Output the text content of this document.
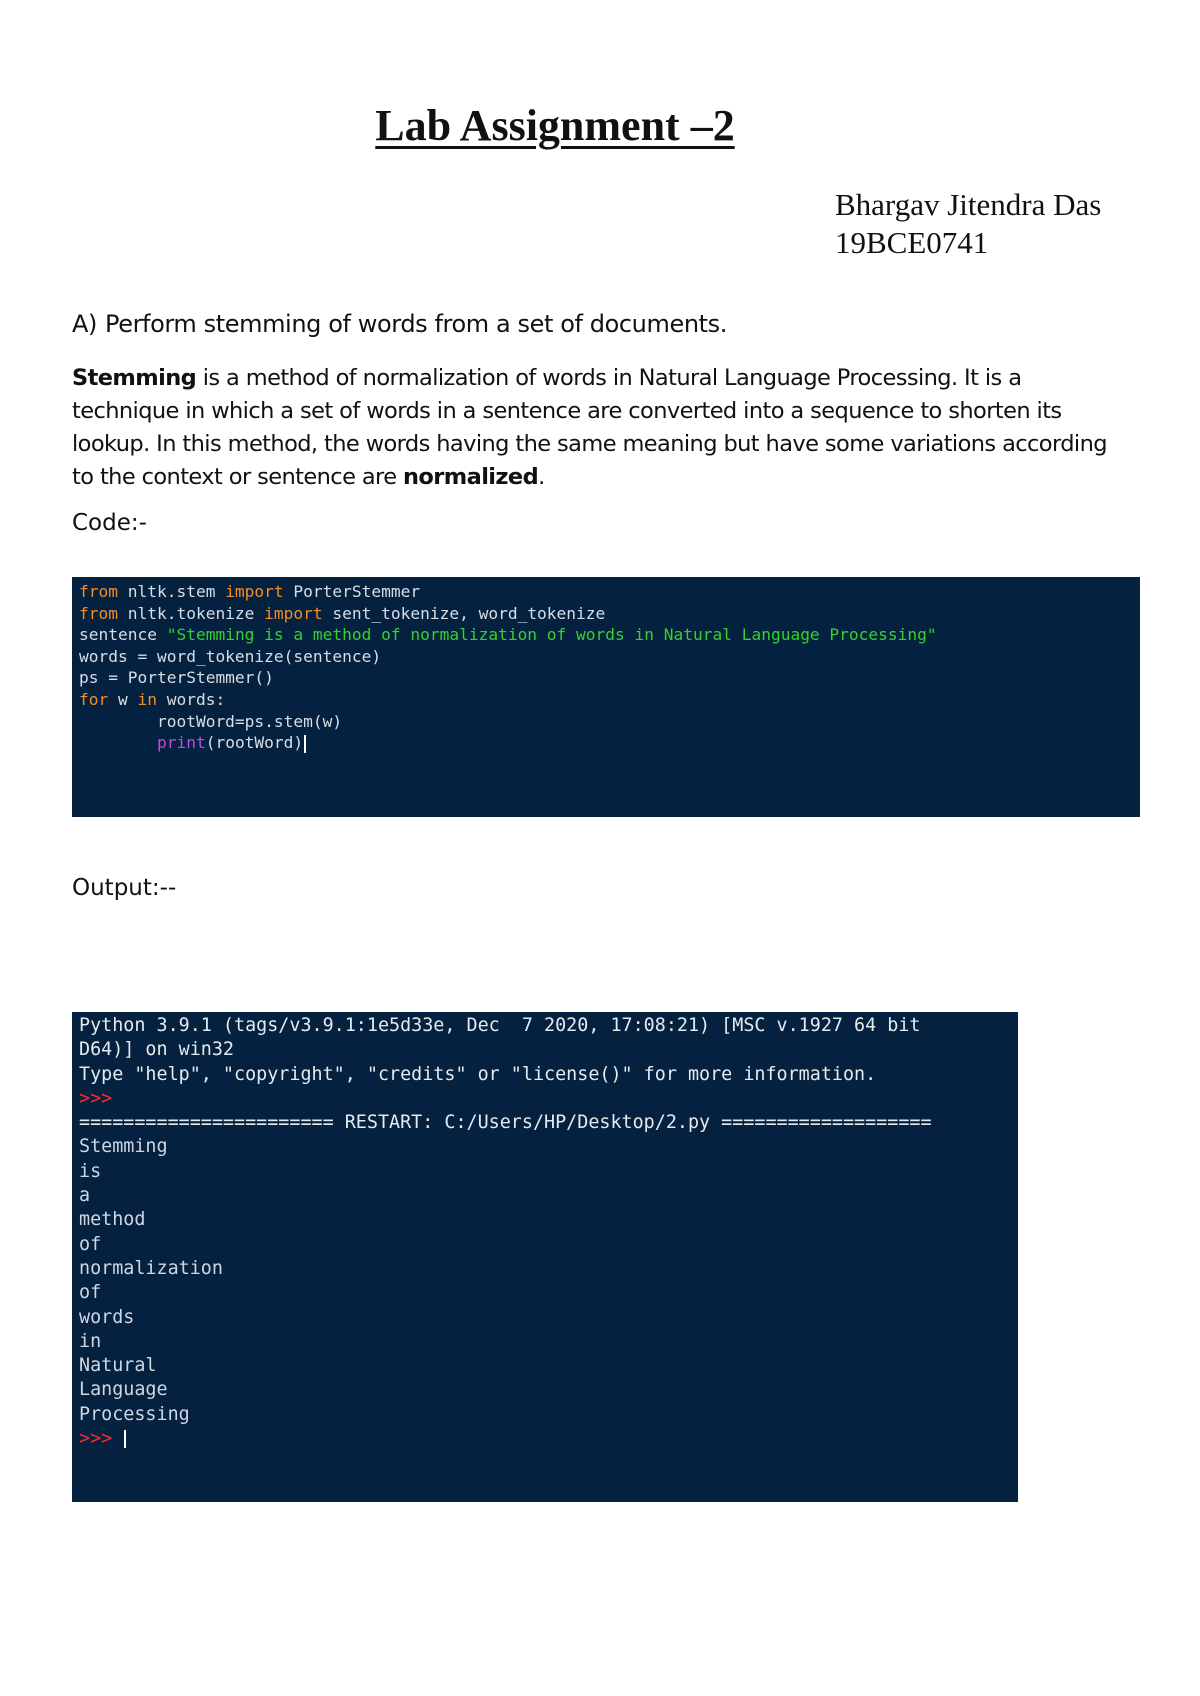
Lab Assignment –2
Bhargav Jitendra Das
19BCE0741
A) Perform stemming of words from a set of documents.

Stemming is a method of normalization of words in Natural Language Processing. It is a technique in which a set of words in a sentence are converted into a sequence to shorten its lookup. In this method, the words having the same meaning but have some variations according to the context or sentence are normalized.

Code:-
from nltk.stem import PorterStemmer
from nltk.tokenize import sent_tokenize, word_tokenize
sentence "Stemming is a method of normalization of words in Natural Language Processing"
words = word_tokenize(sentence)
ps = PorterStemmer()
for w in words:
rootWord=ps.stem(w)
print(rootWord)
Output:--
Python 3.9.1 (tags/v3.9.1:1e5d33e, Dec  7 2020, 17:08:21) [MSC v.1927 64 bit
D64)] on win32
Type "help", "copyright", "credits" or "license()" for more information.
>>>
======================= RESTART: C:/Users/HP/Desktop/2.py ===================
Stemming
is
a
method
of
normalization
of
words
in
Natural
Language
Processing
>>>
